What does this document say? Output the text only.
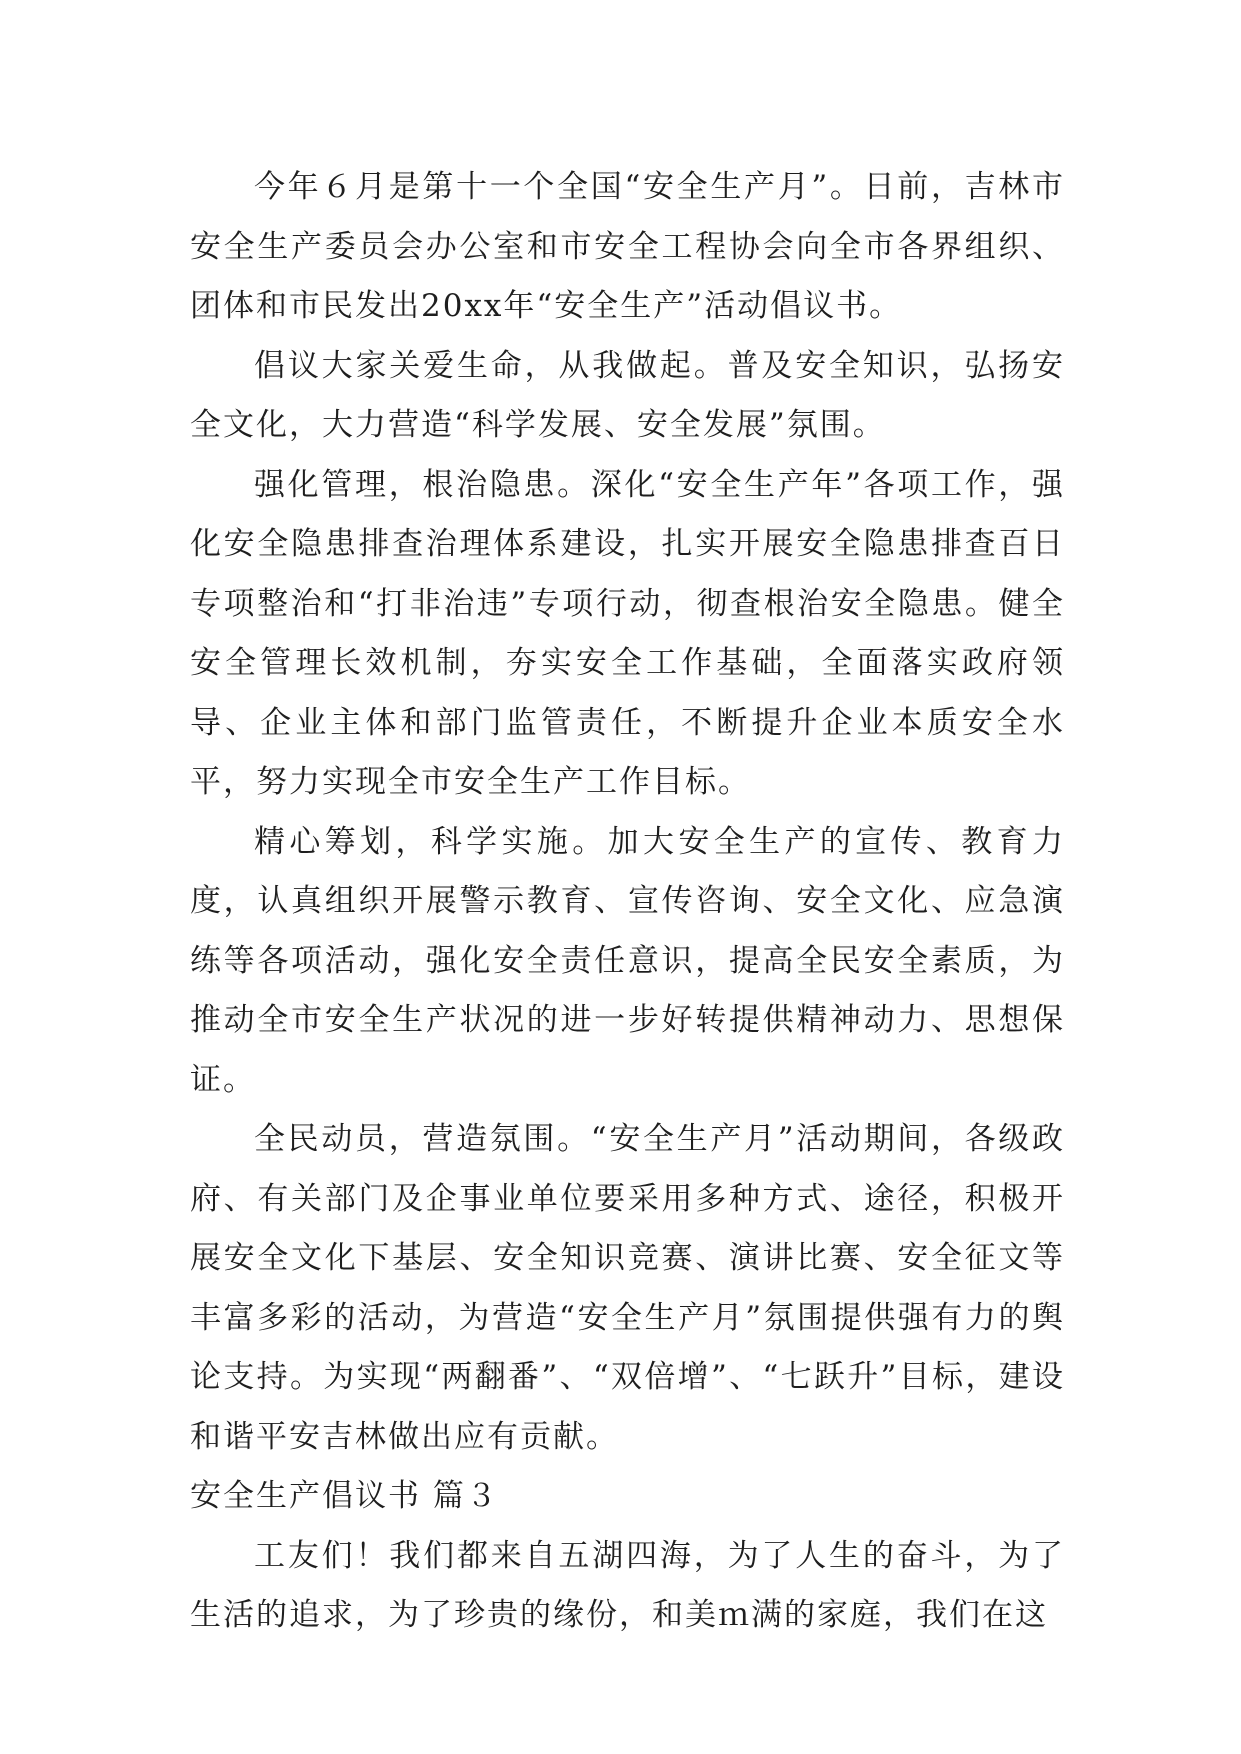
今年６月是第十一个全国“安全生产月”。日前，吉林市安全生产委员会办公室和市安全工程协会向全市各界组织、团体和市民发出20xx年“安全生产”活动倡议书。

倡议大家关爱生命，从我做起。普及安全知识，弘扬安全文化，大力营造“科学发展、安全发展”氛围。

强化管理，根治隐患。深化“安全生产年”各项工作，强化安全隐患排查治理体系建设，扎实开展安全隐患排查百日专项整治和“打非治违”专项行动，彻查根治安全隐患。健全安全管理长效机制，夯实安全工作基础，全面落实政府领导、企业主体和部门监管责任，不断提升企业本质安全水平，努力实现全市安全生产工作目标。

精心筹划，科学实施。加大安全生产的宣传、教育力度，认真组织开展警示教育、宣传咨询、安全文化、应急演练等各项活动，强化安全责任意识，提高全民安全素质，为推动全市安全生产状况的进一步好转提供精神动力、思想保证。

全民动员，营造氛围。“安全生产月”活动期间，各级政府、有关部门及企事业单位要采用多种方式、途径，积极开展安全文化下基层、安全知识竞赛、演讲比赛、安全征文等丰富多彩的活动，为营造“安全生产月”氛围提供强有力的舆论支持。为实现“两翻番”、“双倍增”、“七跃升”目标，建设和谐平安吉林做出应有贡献。

安全生产倡议书 篇３

工友们！我们都来自五湖四海，为了人生的奋斗，为了生活的追求，为了珍贵的缘份，和美ｍ满的家庭，我们在这
